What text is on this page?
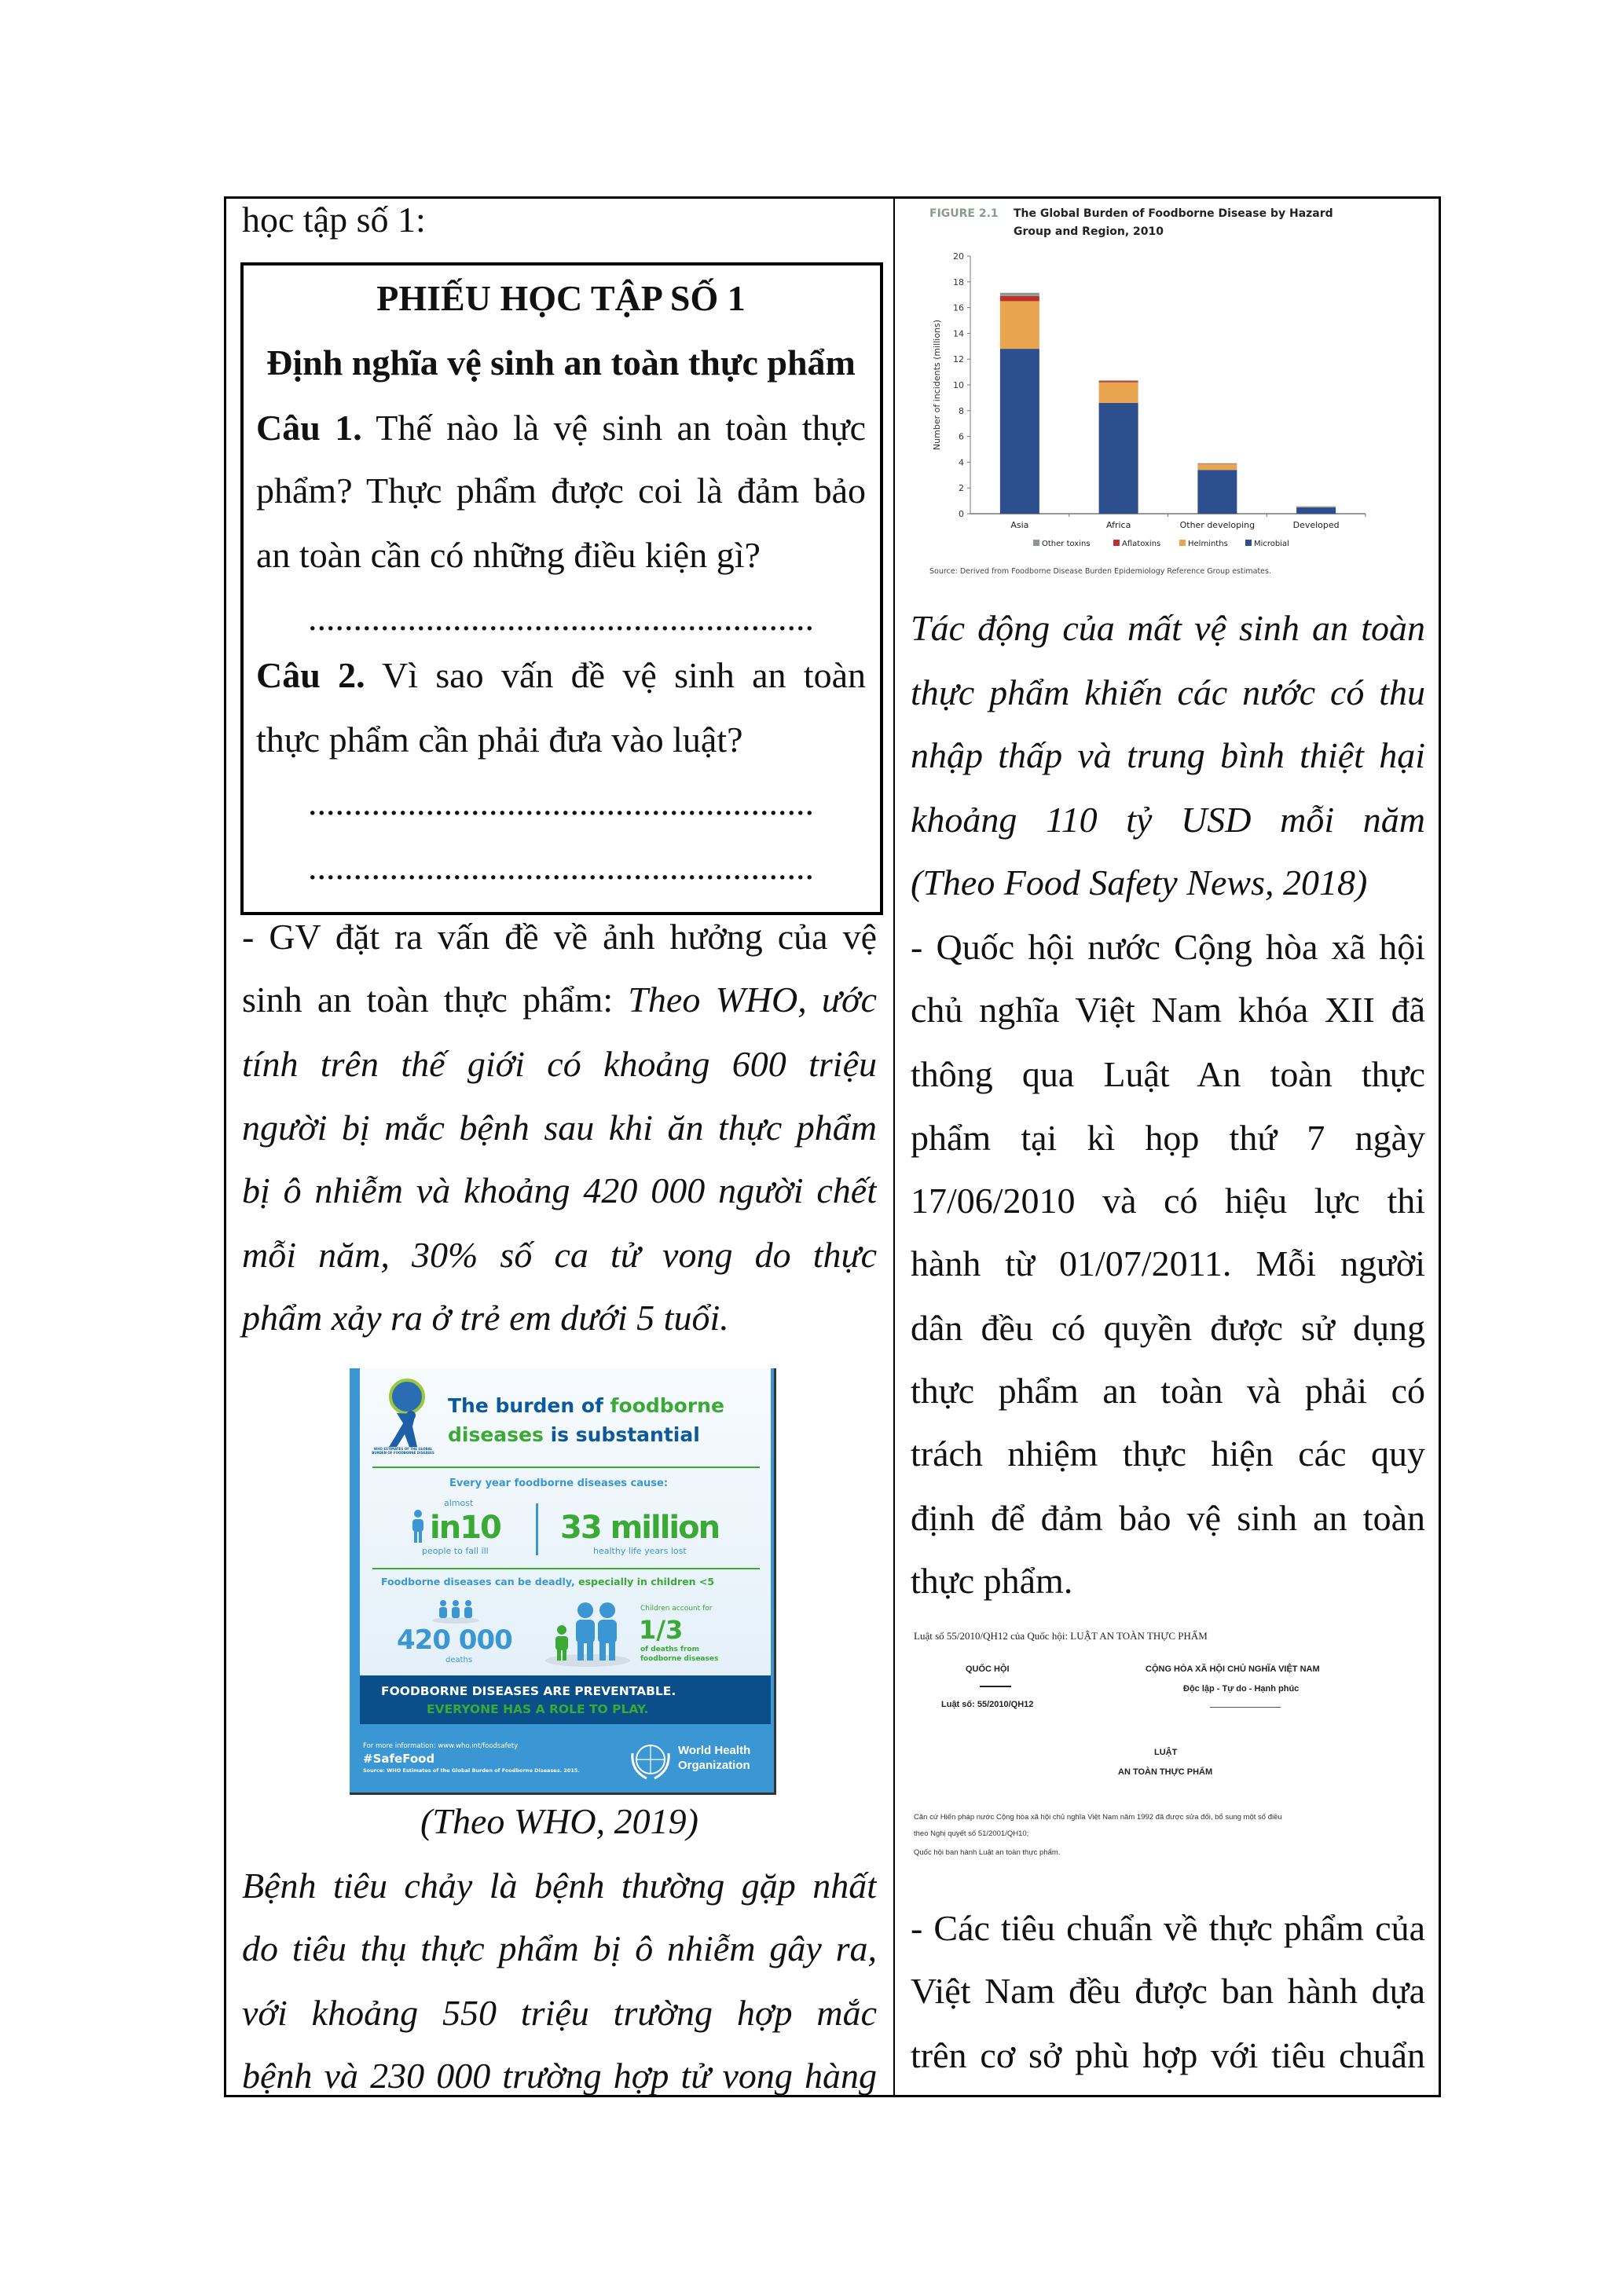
học tập số 1:
PHIẾU HỌC TẬP SỐ 1
Định nghĩa vệ sinh an toàn thực phẩm
Câu 1. Thế nào là vệ sinh an toàn thực
phẩm? Thực phẩm được coi là đảm bảo
an toàn cần có những điều kiện gì?
........................................................
Câu 2. Vì sao vấn đề vệ sinh an toàn
thực phẩm cần phải đưa vào luật?
........................................................
........................................................
- GV đặt ra vấn đề về ảnh hưởng của vệ
sinh an toàn thực phẩm: Theo WHO, ước
tính trên thế giới có khoảng 600 triệu
người bị mắc bệnh sau khi ăn thực phẩm
bị ô nhiễm và khoảng 420 000 người chết
mỗi năm, 30% số ca tử vong do thực
phẩm xảy ra ở trẻ em dưới 5 tuổi.
(Theo WHO, 2019)
Bệnh tiêu chảy là bệnh thường gặp nhất
do tiêu thụ thực phẩm bị ô nhiễm gây ra,
với khoảng 550 triệu trường hợp mắc
bệnh và 230 000 trường hợp tử vong hàng
Tác động của mất vệ sinh an toàn
thực phẩm khiến các nước có thu
nhập thấp và trung bình thiệt hại
khoảng 110 tỷ USD mỗi năm
(Theo Food Safety News, 2018)
- Quốc hội nước Cộng hòa xã hội
chủ nghĩa Việt Nam khóa XII đã
thông qua Luật An toàn thực
phẩm tại kì họp thứ 7 ngày
17/06/2010 và có hiệu lực thi
hành từ 01/07/2011. Mỗi người
dân đều có quyền được sử dụng
thực phẩm an toàn và phải có
trách nhiệm thực hiện các quy
định để đảm bảo vệ sinh an toàn
thực phẩm.
- Các tiêu chuẩn về thực phẩm của
Việt Nam đều được ban hành dựa
trên cơ sở phù hợp với tiêu chuẩn
FIGURE 2.1 The Global Burden of Foodborne Disease by Hazard
Group and Region, 2010
0
2
4
6
8
10
12
14
16
18
20
Number of incidents (millions)
Asia	Africa	Other developing	Developed
Other toxins	Aflatoxins	Helminths	Microbial
Source: Derived from Foodborne Disease Burden Epidemiology Reference Group estimates.
WHO ESTIMATES OF THE GLOBAL BURDEN OF FOODBORNE DISEASES
The burden of foodborne
diseases is substantial
Every year foodborne diseases cause:
almost
in10
people to fall ill
33 million
healthy life years lost
Foodborne diseases can be deadly, especially in children <5
420 000
deaths
Children account for
1/3
of deaths from
foodborne diseases
FOODBORNE DISEASES ARE PREVENTABLE.
EVERYONE HAS A ROLE TO PLAY.
For more information: www.who.int/foodsafety
#SafeFood
Source: WHO Estimates of the Global Burden of Foodborne Diseases. 2015.
World Health
Organization
Luật số 55/2010/QH12 của Quốc hội: LUẬT AN TOÀN THỰC PHẨM
QUỐC HỘI
Luật số: 55/2010/QH12
CỘNG HÒA XÃ HỘI CHỦ NGHĨA VIỆT NAM
Độc lập - Tự do - Hạnh phúc
LUẬT
AN TOÀN THỰC PHẨM
Căn cứ Hiến pháp nước Cộng hòa xã hội chủ nghĩa Việt Nam năm 1992 đã được sửa đổi, bổ sung một số điều
theo Nghị quyết số 51/2001/QH10;
Quốc hội ban hành Luật an toàn thực phẩm.
